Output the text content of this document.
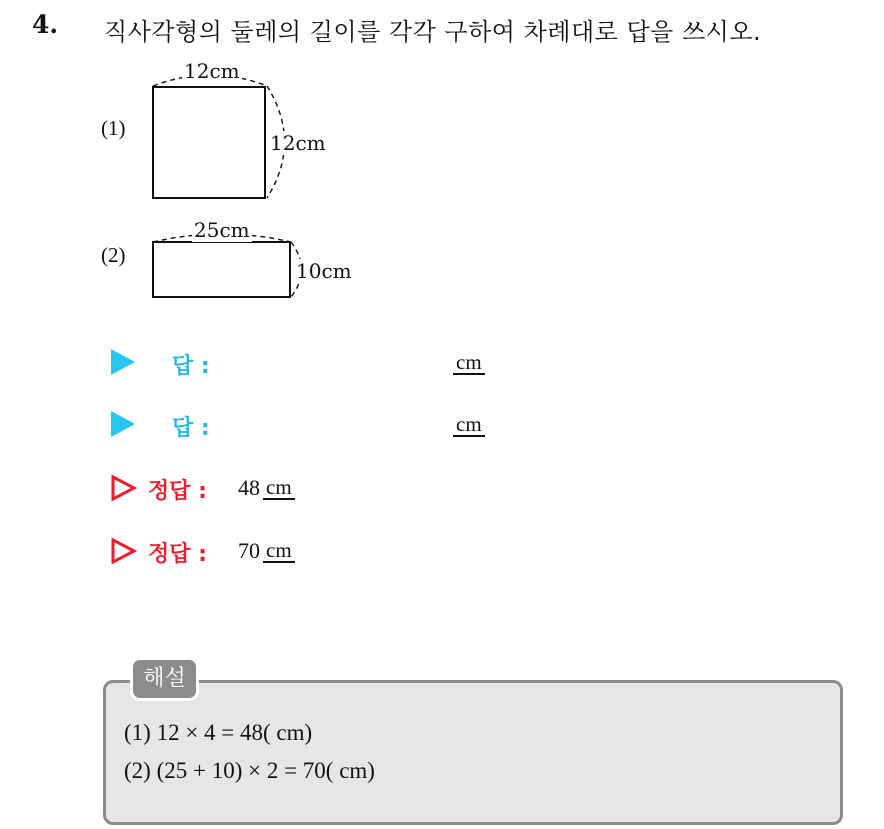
4. 직사각형의 둘레의 길이를 각각 구하여 차례대로 답을 쓰시오.
(1)
12cm
12cm
(2)
25cm
10cm
답 :	cm
답 :	cm
정답 : 48 cm
정답 : 70 cm
해설
(1) 12 × 4 = 48( cm)
(2) (25 + 10) × 2 = 70( cm)
